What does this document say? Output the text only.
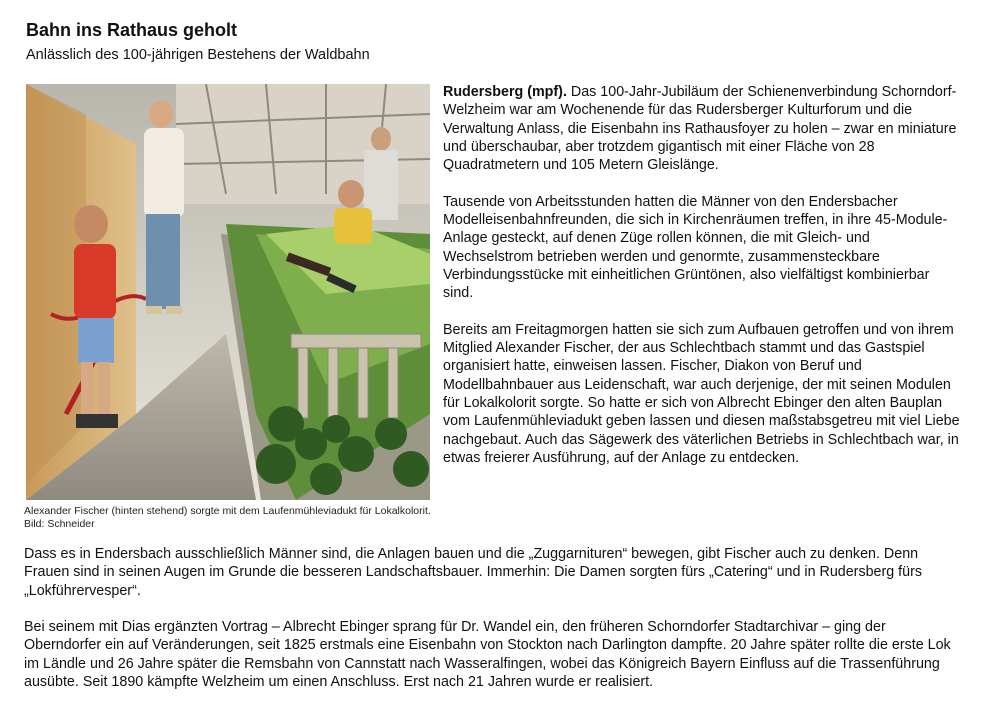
Bahn ins Rathaus geholt
Anlässlich des 100-jährigen Bestehens der Waldbahn

Alexander Fischer (hinten stehend) sorgte mit dem Laufenmühleviadukt für Lokalkolorit. Bild: Schneider

Rudersberg (mpf). Das 100-Jahr-Jubiläum der Schienenverbindung Schorndorf-Welzheim war am Wochenende für das Rudersberger Kulturforum und die Verwaltung Anlass, die Eisenbahn ins Rathausfoyer zu holen – zwar en miniature und überschaubar, aber trotzdem gigantisch mit einer Fläche von 28 Quadratmetern und 105 Metern Gleislänge.

Tausende von Arbeitsstunden hatten die Männer von den Endersbacher Modelleisenbahnfreunden, die sich in Kirchenräumen treffen, in ihre 45-Module-Anlage gesteckt, auf denen Züge rollen können, die mit Gleich- und Wechselstrom betrieben werden und genormte, zusammensteckbare Verbindungsstücke mit einheitlichen Grüntönen, also vielfältigst kombinierbar sind.

Bereits am Freitagmorgen hatten sie sich zum Aufbauen getroffen und von ihrem Mitglied Alexander Fischer, der aus Schlechtbach stammt und das Gastspiel organisiert hatte, einweisen lassen. Fischer, Diakon von Beruf und Modellbahnbauer aus Leidenschaft, war auch derjenige, der mit seinen Modulen für Lokalkolorit sorgte. So hatte er sich von Albrecht Ebinger den alten Bauplan vom Laufenmühleviadukt geben lassen und diesen maßstabsgetreu mit viel Liebe nachgebaut. Auch das Sägewerk des väterlichen Betriebs in Schlechtbach war, in etwas freierer Ausführung, auf der Anlage zu entdecken.

Dass es in Endersbach ausschließlich Männer sind, die Anlagen bauen und die „Zuggarnituren“ bewegen, gibt Fischer auch zu denken. Denn Frauen sind in seinen Augen im Grunde die besseren Landschaftsbauer. Immerhin: Die Damen sorgten fürs „Catering“ und in Rudersberg fürs „Lokführervesper“.

Bei seinem mit Dias ergänzten Vortrag – Albrecht Ebinger sprang für Dr. Wandel ein, den früheren Schorndorfer Stadtarchivar – ging der Oberndorfer ein auf Veränderungen, seit 1825 erstmals eine Eisenbahn von Stockton nach Darlington dampfte. 20 Jahre später rollte die erste Lok im Ländle und 26 Jahre später die Remsbahn von Cannstatt nach Wasseralfingen, wobei das Königreich Bayern Einfluss auf die Trassenführung ausübte. Seit 1890 kämpfte Welzheim um einen Anschluss. Erst nach 21 Jahren wurde er realisiert.
